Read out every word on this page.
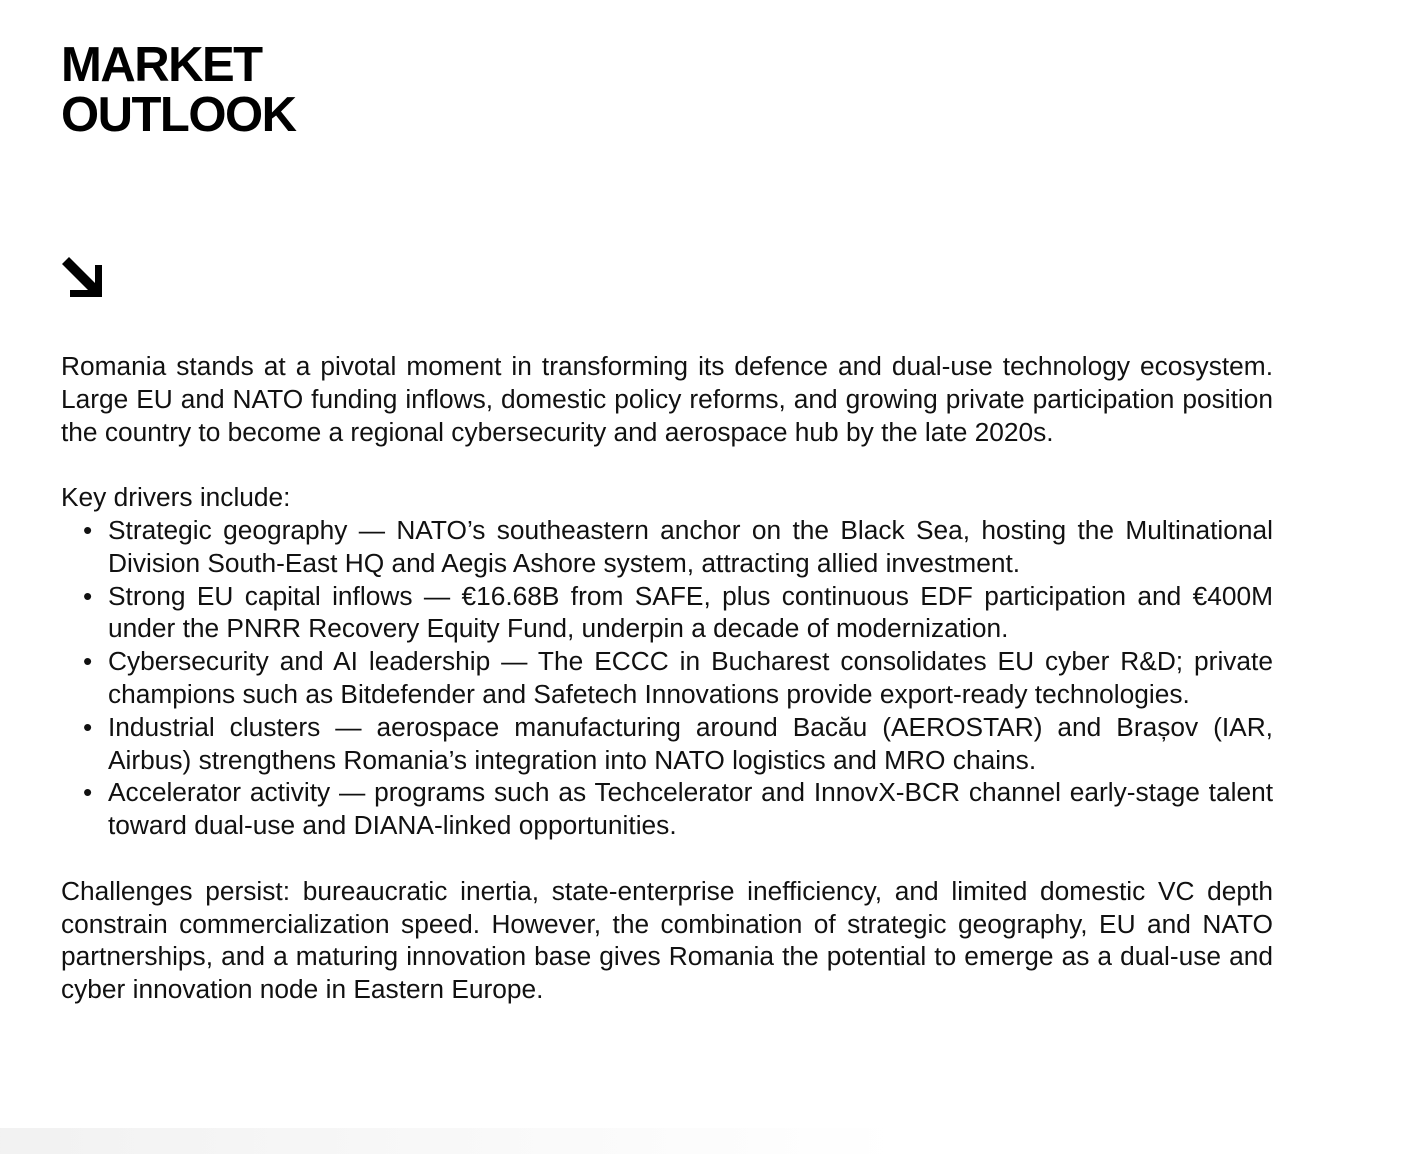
MARKET
OUTLOOK

Romania stands at a pivotal moment in transforming its defence and dual-use technology ecosystem. Large EU and NATO funding inflows, domestic policy reforms, and growing private participation position the country to become a regional cybersecurity and aerospace hub by the late 2020s.

Key drivers include:

• Strategic geography — NATO’s southeastern anchor on the Black Sea, hosting the Multinational Division South-East HQ and Aegis Ashore system, attracting allied investment.
• Strong EU capital inflows — €16.68B from SAFE, plus continuous EDF participation and €400M under the PNRR Recovery Equity Fund, underpin a decade of modernization.
• Cybersecurity and AI leadership — The ECCC in Bucharest consolidates EU cyber R&D; private champions such as Bitdefender and Safetech Innovations provide export-ready technologies.
• Industrial clusters — aerospace manufacturing around Bacău (AEROSTAR) and Brașov (IAR, Airbus) strengthens Romania’s integration into NATO logistics and MRO chains.
• Accelerator activity — programs such as Techcelerator and InnovX-BCR channel early-stage talent toward dual-use and DIANA-linked opportunities.

Challenges persist: bureaucratic inertia, state-enterprise inefficiency, and limited domestic VC depth constrain commercialization speed. However, the combination of strategic geography, EU and NATO partnerships, and a maturing innovation base gives Romania the potential to emerge as a dual-use and cyber innovation node in Eastern Europe.
